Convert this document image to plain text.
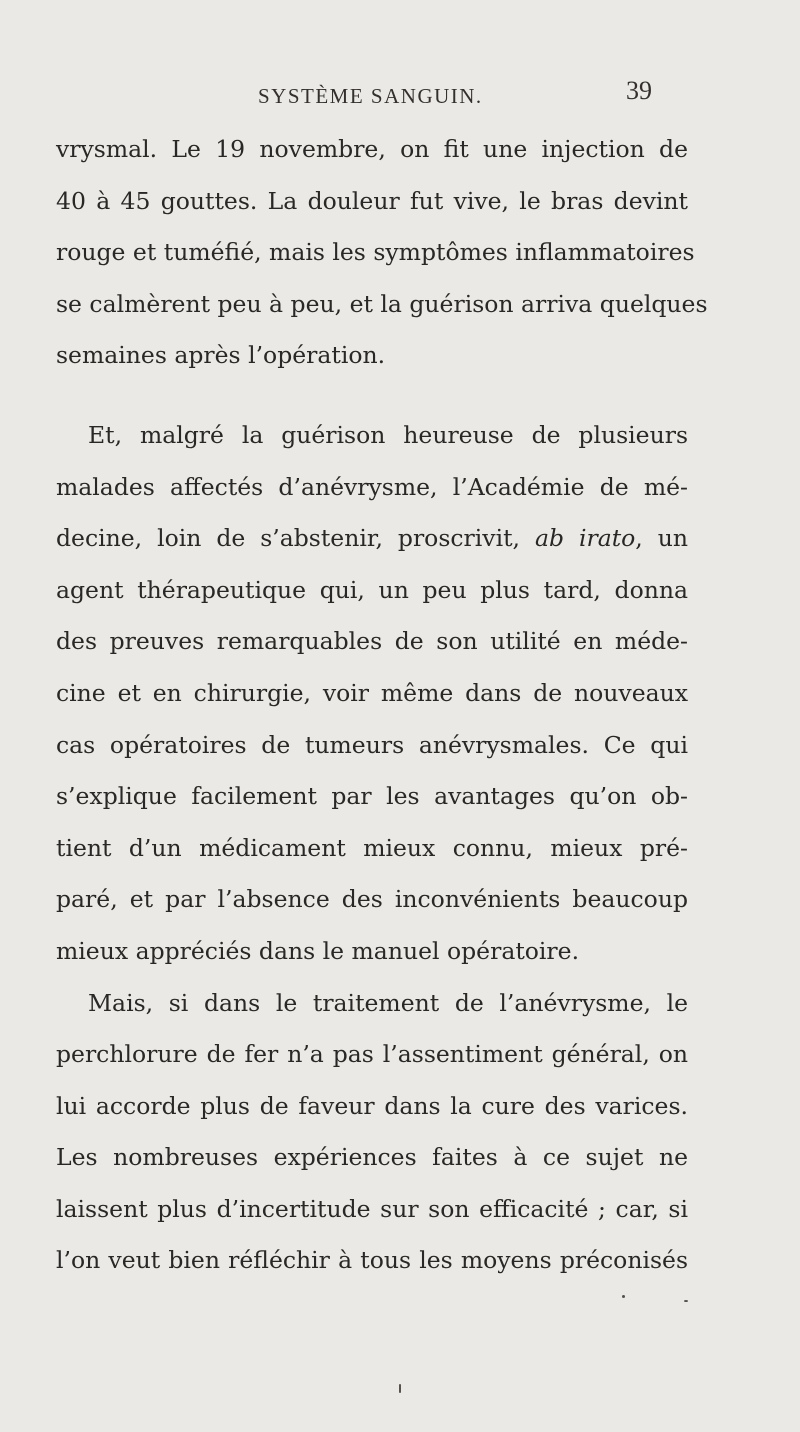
SYSTÈME SANGUIN.	39
vrysmal. Le 19 novembre, on fit une injection de
40 à 45 gouttes. La douleur fut vive, le bras devint
rouge et tuméfié, mais les symptômes inflammatoires
se calmèrent peu à peu, et la guérison arriva quelques
semaines après l’opération.
Et, malgré la guérison heureuse de plusieurs
malades affectés d’anévrysme, l’Académie de mé-
decine, loin de s’abstenir, proscrivit, ab irato, un
agent thérapeutique qui, un peu plus tard, donna
des preuves remarquables de son utilité en méde-
cine et en chirurgie, voir même dans de nouveaux
cas opératoires de tumeurs anévrysmales. Ce qui
s’explique facilement par les avantages qu’on ob-
tient d’un médicament mieux connu, mieux pré-
paré, et par l’absence des inconvénients beaucoup
mieux appréciés dans le manuel opératoire.
Mais, si dans le traitement de l’anévrysme, le
perchlorure de fer n’a pas l’assentiment général, on
lui accorde plus de faveur dans la cure des varices.
Les nombreuses expériences faites à ce sujet ne
laissent plus d’incertitude sur son efficacité ; car, si
l’on veut bien réfléchir à tous les moyens préconisés
